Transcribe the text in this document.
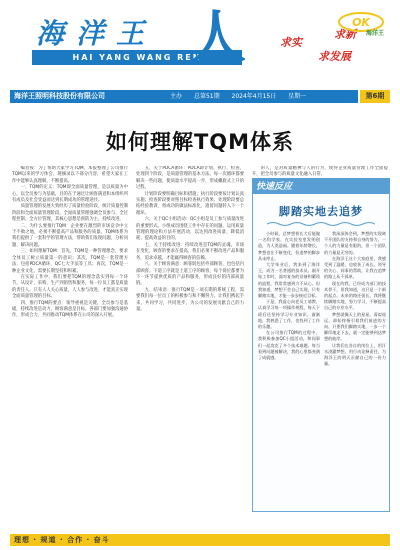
海洋王
HAI YANG WANG REN
人	求实
求发展
求新
OK
海洋王
海洋王照明科技股份有限公司	主办 总第51期 2024年4月15日 星期一	第6期
如何理解TQM体系

编者按：为了帮助大家学习TQM，本报整理了公司推行TQM以来的学习体会，现摘录以下部分内容，希望大家在工作中能够认真理解，不断提高。

一、TQM的定义：TQM即全面质量管理，是以质量为中心，以全员参与为基础，目的在于通过让顾客满意和本组织所有成员及社会受益而达到长期成功的管理途径。

质量管理的发展大致经历了质量检验阶段、统计质量控制阶段和全面质量管理阶段。全面质量管理强调全员参与、全过程控制、全方位管理，其核心思想是预防为主、持续改进。

二、为什么要推行TQM：企业要在激烈的市场竞争中立于不败之地，必须不断提高产品和服务的质量。TQM体系为我们提供了一套科学的管理方法，帮助我们发现问题、分析问题、解决问题。

三、如何理解TQM：首先，TQM是一种管理理念，要求全体员工树立质量第一的意识；其次，TQM是一套管理方法，包括PDCA循环、QC七大手法等工具；再次，TQM是一种企业文化，需要长期坚持和积累。

在实际工作中，我们要把TQM的理念落实到每一个环节，从设计、采购、生产到销售和服务，每一位员工都是质量的责任人。只有人人关心质量，人人参与改进，才能真正实现全面质量管理的目标。

四、推行TQM的要点：领导重视是关键，全员参与是基础，持续改进是动力，顾客满意是目标。各部门要加强沟通协作，形成合力，共同推动TQM体系在公司的深入开展。

五、关于PDCA循环：PDCA即计划、执行、检查、处理四个阶段，是质量管理的基本方法。每一次循环都要解决一些问题，使质量水平提高一步，形成螺旋式上升的过程。

计划阶段要明确目标和措施；执行阶段要按计划认真实施；检查阶段要对照目标检查执行效果；处理阶段要总结经验教训，将成功的做法标准化，遗留问题转入下一个循环。

六、关于QC小组活动：QC小组是员工参与质量改进的重要形式。小组成员围绕工作中存在的问题，运用质量管理的理论和方法开展活动，以达到改进质量、降低消耗、提高效益的目的。

七、关于持续改进：持续改进是TQM的灵魂。市场在变化，顾客的要求在提高，我们必须不断改进产品和服务，追求卓越，才能赢得顾客的信赖。

八、关于顾客满意：顾客既包括外部顾客，也包括内部顾客。下道工序就是上道工序的顾客，每个岗位都要为下一环节提供优质的产品和服务，形成良好的内部质量链。

九、结束语：推行TQM是一项长期的系统工程，需要我们每一位员工的积极参与和不懈努力。让我们携起手来，共同学习，共同进步，为公司的发展贡献自己的力量。

的人，是对质量精神与人的行为，使得企业质量管理工作全面提升，把全员参与的质量文化融入日常。

快速反应
脚踏实地去追梦

小时候，总梦想着长大后能做一名科学家，在实验室里发明创造，为人类造福。随着年龄增长，梦想也在不断变化，但追梦的脚步从未停止。

大学毕业后，我来到了海洋王，成为一名普通的技术员。刚开始工作时，面对复杂的设备和繁琐的流程，我常常感到力不从心。但我知道，梦想不会自己实现，只有脚踏实地，才能一步步接近目标。

于是，我虚心向老员工请教，认真学习每一项操作规程，每天下班后还坚持学习专业知识。渐渐地，我熟悉了工作，也找到了工作的乐趣。

在公司推行TQM的过程中，我积极参加QC小组活动，和同事们一起攻克了多个技术难题。每当看到问题被解决，我的心里都充满了成就感。

我深深体会到，梦想的实现离不开团队的支持和自身的努力。一个人的力量是有限的，但一个团队的力量是无穷的。

在海洋王这个大家庭里，我感受到了温暖，也收获了成长。领导的关心、同事的帮助，让我在追梦的路上从不孤单。

现在的我，已经成为部门的技术骨干，但我知道，这只是一个新的起点。未来的路还很长，我将继续脚踏实地，努力学习，不断提高自己的专业水平。

梦想就像天上的星星，看似遥远，却始终指引着我们前进的方向。只要我们脚踏实地，一步一个脚印地走下去，就一定能够到达梦想的彼岸。

让我们在各自的岗位上，用汗水浇灌梦想，用行动诠释责任，为海洋王的明天贡献自己的一份力量。

理想 · 规道 · 合作 · 奋斗
